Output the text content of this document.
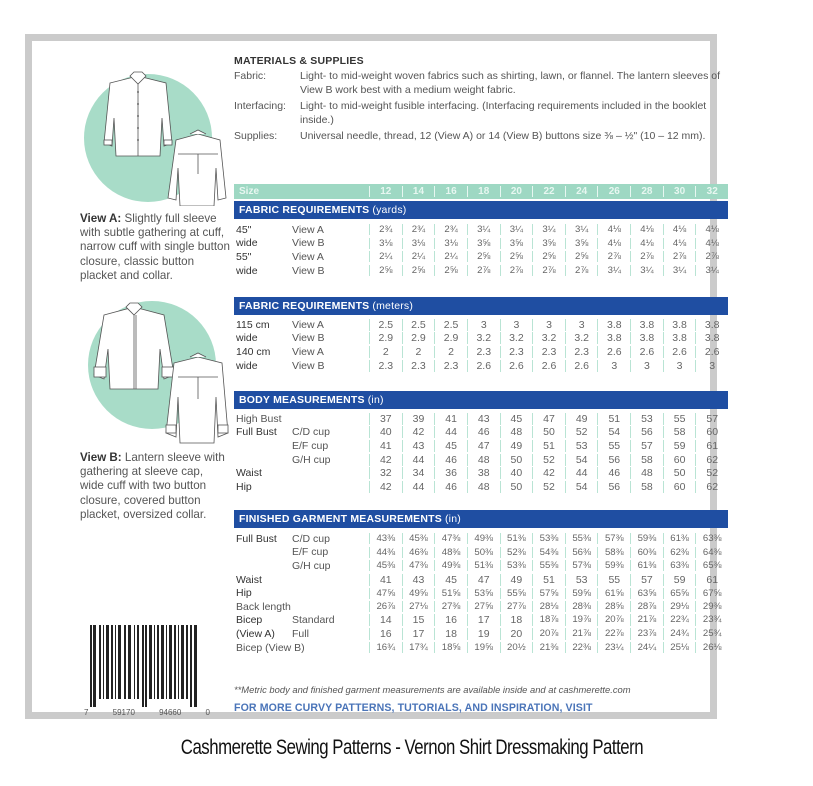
View A: Slightly full sleeve with subtle gathering at cuff, narrow cuff with single button closure, classic button placket and collar.
View B: Lantern sleeve with gathering at sleeve cap, wide cuff with two button closure, covered button placket, oversized collar.
7	59170	94660	0
MATERIALS & SUPPLIES
Fabric:	Light- to mid-weight woven fabrics such as shirting, lawn, or flannel. The lantern sleeves of View B work best with a medium weight fabric.
Interfacing:	Light- to mid-weight fusible interfacing. (Interfacing requirements included in the booklet inside.)
Supplies:	Universal needle, thread, 12 (View A) or 14 (View B) buttons size ⅜ – ½" (10 – 12 mm).
Size	12	14	16	18	20	22	24	26	28	30	32
FABRIC REQUIREMENTS (yards)
45"	View A	2¾	2¾	2¾	3¼	3¼	3¼	3¼	4⅛	4⅛	4⅛	4⅛
wide	View B	3⅛	3⅛	3⅛	3⅝	3⅝	3⅝	3⅝	4⅛	4⅛	4⅛	4⅛
55"	View A	2¼	2¼	2¼	2⅝	2⅝	2⅝	2⅝	2⅞	2⅞	2⅞	2⅞
wide	View B	2⅝	2⅝	2⅝	2⅞	2⅞	2⅞	2⅞	3¼	3¼	3¼	3¼
FABRIC REQUIREMENTS (meters)
115 cm	View A	2.5	2.5	2.5	3	3	3	3	3.8	3.8	3.8	3.8
wide	View B	2.9	2.9	2.9	3.2	3.2	3.2	3.2	3.8	3.8	3.8	3.8
140 cm	View A	2	2	2	2.3	2.3	2.3	2.3	2.6	2.6	2.6	2.6
wide	View B	2.3	2.3	2.3	2.6	2.6	2.6	2.6	3	3	3	3
BODY MEASUREMENTS (in)
High Bust	37	39	41	43	45	47	49	51	53	55	57
Full Bust	C/D cup	40	42	44	46	48	50	52	54	56	58	60
E/F cup	41	43	45	47	49	51	53	55	57	59	61
G/H cup	42	44	46	48	50	52	54	56	58	60	62
Waist	32	34	36	38	40	42	44	46	48	50	52
Hip	42	44	46	48	50	52	54	56	58	60	62
FINISHED GARMENT MEASUREMENTS (in)
Full Bust	C/D cup	43⅜	45⅜	47⅜	49⅜	51⅜	53⅜	55⅜	57⅜	59⅜	61⅜	63⅜
E/F cup	44⅜	46⅜	48⅜	50⅜	52⅜	54⅜	56⅜	58⅜	60⅜	62⅜	64⅜
G/H cup	45⅜	47⅜	49⅜	51⅜	53⅜	55⅜	57⅜	59⅜	61⅜	63⅜	65⅜
Waist	41	43	45	47	49	51	53	55	57	59	61
Hip	47⅝	49⅝	51⅝	53⅝	55⅝	57⅝	59⅝	61⅝	63⅝	65⅝	67⅝
Back length	26⅞	27⅛	27⅜	27⅝	27⅞	28⅛	28⅜	28⅝	28⅞	29⅛	29⅜
Bicep	Standard	14	15	16	17	18	18⅞	19⅞	20⅞	21⅞	22¾	23¾
(View A)	Full	16	17	18	19	20	20⅞	21⅞	22⅞	23⅞	24¾	25¾
Bicep (View B)	16¾	17¾	18⅝	19⅝	20½	21⅜	22⅜	23¼	24¼	25⅛	26⅛
**Metric body and finished garment measurements are available inside and at cashmerette.com
FOR MORE CURVY PATTERNS, TUTORIALS, AND INSPIRATION, VISIT
Cashmerette Sewing Patterns - Vernon Shirt Dressmaking Pattern
